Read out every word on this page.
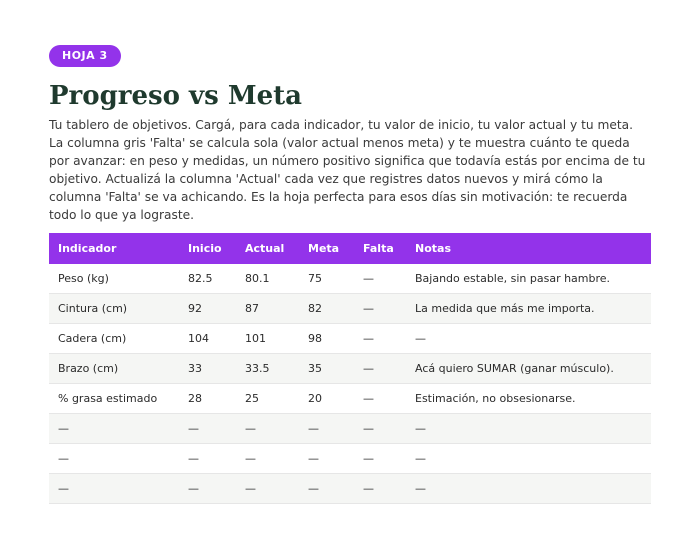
HOJA 3
Progreso vs Meta

Tu tablero de objetivos. Cargá, para cada indicador, tu valor de inicio, tu valor actual y tu meta. La columna gris 'Falta' se calcula sola (valor actual menos meta) y te muestra cuánto te queda por avanzar: en peso y medidas, un número positivo significa que todavía estás por encima de tu objetivo. Actualizá la columna 'Actual' cada vez que registres datos nuevos y mirá cómo la columna 'Falta' se va achicando. Es la hoja perfecta para esos días sin motivación: te recuerda todo lo que ya lograste.

Indicador	Inicio	Actual	Meta	Falta	Notas
Peso (kg)	82.5	80.1	75	—	Bajando estable, sin pasar hambre.
Cintura (cm)	92	87	82	—	La medida que más me importa.
Cadera (cm)	104	101	98	—	—
Brazo (cm)	33	33.5	35	—	Acá quiero SUMAR (ganar músculo).
% grasa estimado	28	25	20	—	Estimación, no obsesionarse.
—	—	—	—	—	—
—	—	—	—	—	—
—	—	—	—	—	—
